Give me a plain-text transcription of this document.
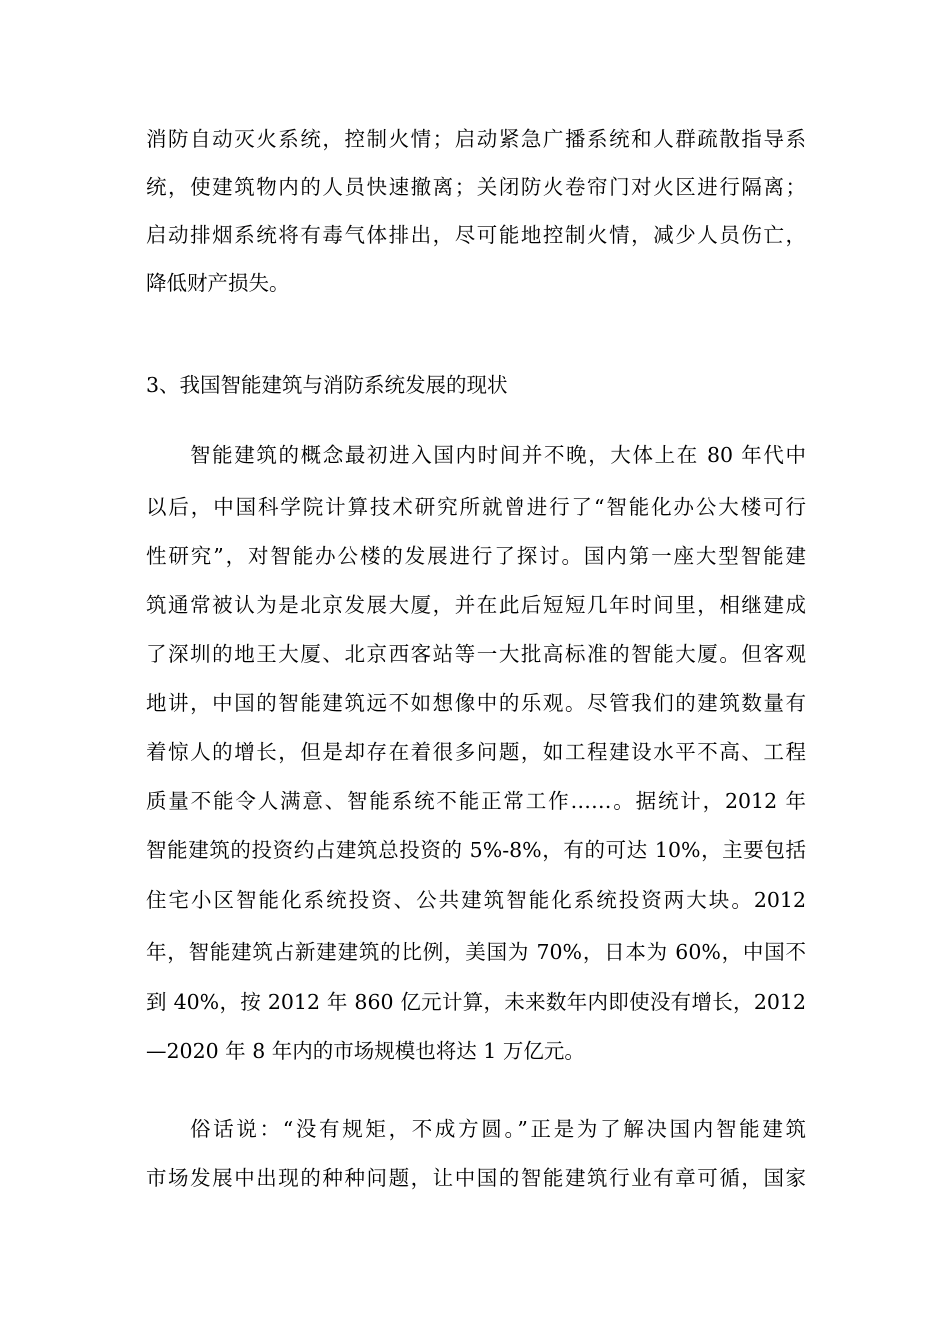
消防自动灭火系统，控制火情；启动紧急广播系统和人群疏散指导系
统，使建筑物内的人员快速撤离；关闭防火卷帘门对火区进行隔离；
启动排烟系统将有毒气体排出，尽可能地控制火情，减少人员伤亡，
降低财产损失。
3、我国智能建筑与消防系统发展的现状
智能建筑的概念最初进入国内时间并不晚，大体上在 80 年代中
以后，中国科学院计算技术研究所就曾进行了“智能化办公大楼可行
性研究”，对智能办公楼的发展进行了探讨。国内第一座大型智能建
筑通常被认为是北京发展大厦，并在此后短短几年时间里，相继建成
了深圳的地王大厦、北京西客站等一大批高标准的智能大厦。但客观
地讲，中国的智能建筑远不如想像中的乐观。尽管我们的建筑数量有
着惊人的增长，但是却存在着很多问题，如工程建设水平不高、工程
质量不能令人满意、智能系统不能正常工作……。据统计，2012 年
智能建筑的投资约占建筑总投资的 5%-8%，有的可达 10%，主要包括
住宅小区智能化系统投资、公共建筑智能化系统投资两大块。2012
年，智能建筑占新建建筑的比例，美国为 70%，日本为 60%，中国不
到 40%，按 2012 年 860 亿元计算，未来数年内即使没有增长，2012
—2020 年 8 年内的市场规模也将达 1 万亿元。
俗话说：“没有规矩，不成方圆。”正是为了解决国内智能建筑
市场发展中出现的种种问题，让中国的智能建筑行业有章可循，国家
